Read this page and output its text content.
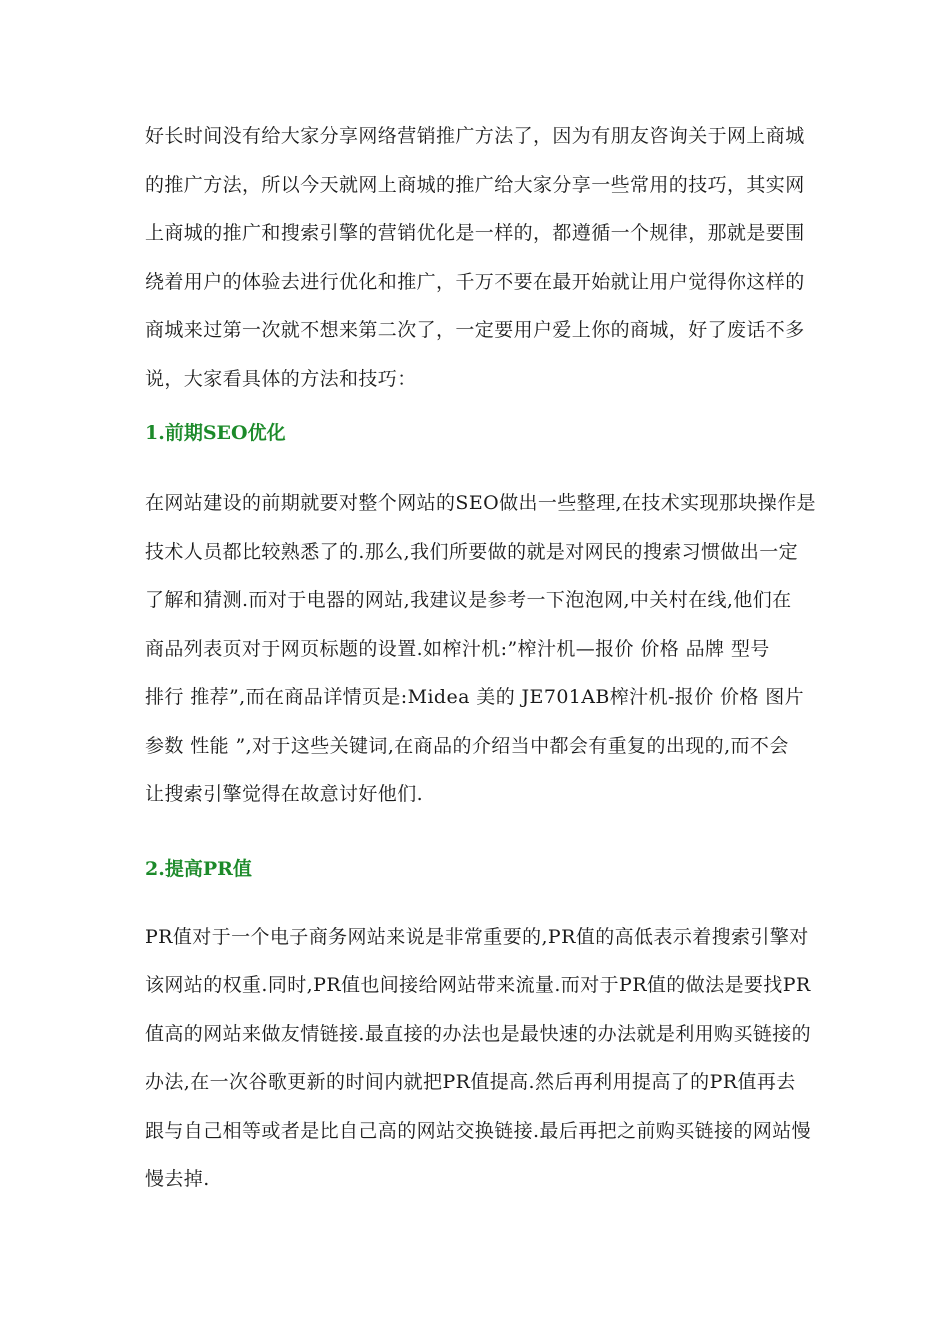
好长时间没有给大家分享网络营销推广方法了，因为有朋友咨询关于网上商城
的推广方法，所以今天就网上商城的推广给大家分享一些常用的技巧，其实网
上商城的推广和搜索引擎的营销优化是一样的，都遵循一个规律，那就是要围
绕着用户的体验去进行优化和推广，千万不要在最开始就让用户觉得你这样的
商城来过第一次就不想来第二次了，一定要用户爱上你的商城，好了废话不多
说，大家看具体的方法和技巧：

1.前期SEO优化

在网站建设的前期就要对整个网站的SEO做出一些整理,在技术实现那块操作是
技术人员都比较熟悉了的.那么,我们所要做的就是对网民的搜索习惯做出一定
了解和猜测.而对于电器的网站,我建议是参考一下泡泡网,中关村在线,他们在
商品列表页对于网页标题的设置.如榨汁机:”榨汁机—报价 价格 品牌 型号
排行 推荐”,而在商品详情页是:Midea 美的 JE701AB榨汁机-报价 价格 图片
参数 性能 ”,对于这些关键词,在商品的介绍当中都会有重复的出现的,而不会
让搜索引擎觉得在故意讨好他们.

2.提高PR值

PR值对于一个电子商务网站来说是非常重要的,PR值的高低表示着搜索引擎对
该网站的权重.同时,PR值也间接给网站带来流量.而对于PR值的做法是要找PR
值高的网站来做友情链接.最直接的办法也是最快速的办法就是利用购买链接的
办法,在一次谷歌更新的时间内就把PR值提高.然后再利用提高了的PR值再去
跟与自己相等或者是比自己高的网站交换链接.最后再把之前购买链接的网站慢
慢去掉.
